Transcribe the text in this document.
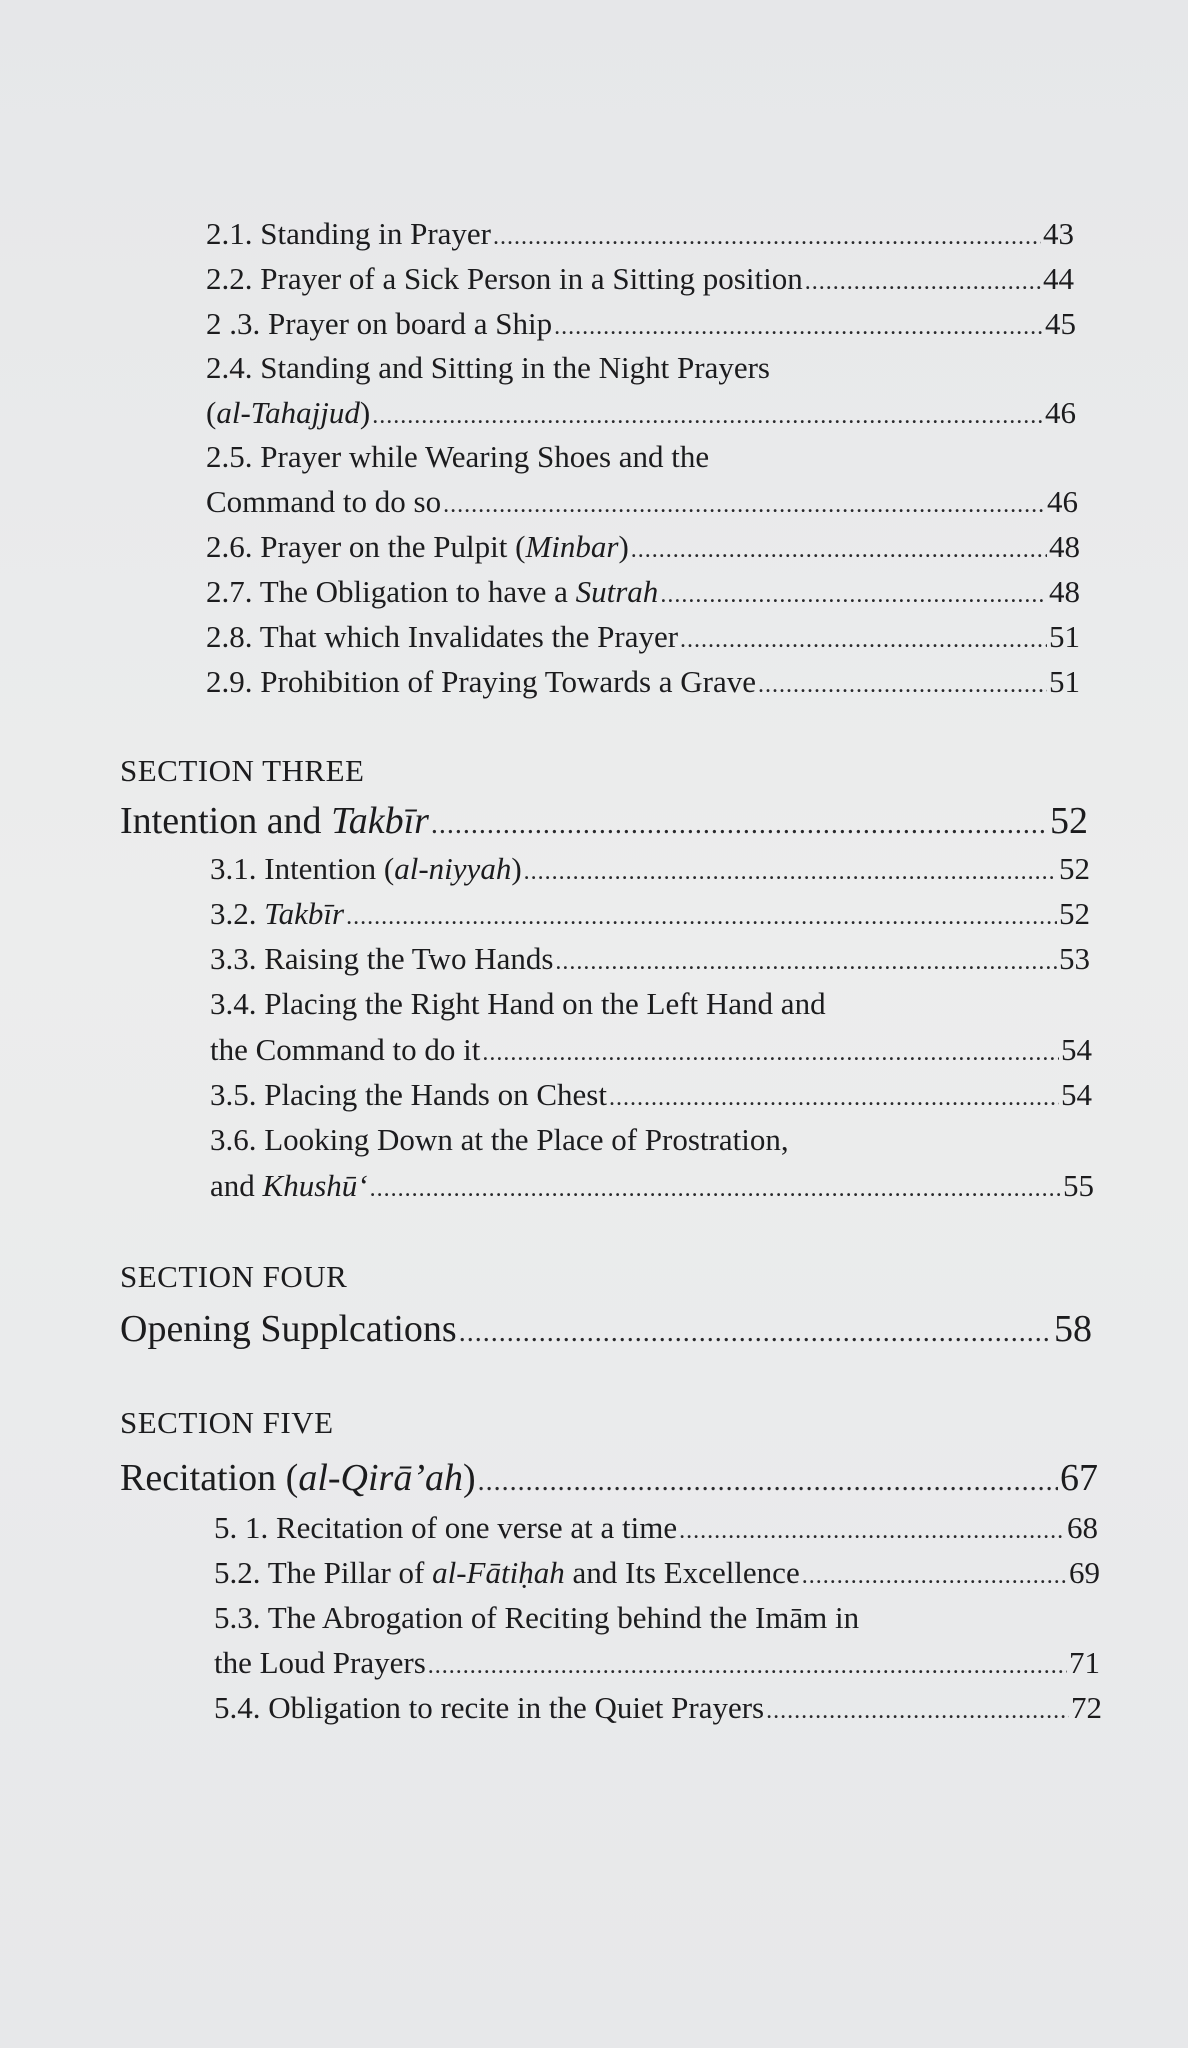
2.1. Standing in Prayer .....	43
2.2. Prayer of a Sick Person in a Sitting position .....	44
2 .3. Prayer on board a Ship .....	45
2.4. Standing and Sitting in the Night Prayers
(al-Tahajjud) .....	46
2.5. Prayer while Wearing Shoes and the
Command to do so .....	46
2.6. Prayer on the Pulpit (Minbar) .....	48
2.7. The Obligation to have a Sutrah .....	48
2.8. That which Invalidates the Prayer .....	51
2.9. Prohibition of Praying Towards a Grave .....	51
SECTION THREE
Intention and Takbīr .....	52
3.1. Intention (al-niyyah) .....	52
3.2. Takbīr .....	52
3.3. Raising the Two Hands .....	53
3.4. Placing the Right Hand on the Left Hand and
the Command to do it .....	54
3.5. Placing the Hands on Chest .....	54
3.6. Looking Down at the Place of Prostration,
and Khushū‘ .....	55
SECTION FOUR
Opening Supplcations .....	58
SECTION FIVE
Recitation (al-Qirā’ah) .....	67
5. 1. Recitation of one verse at a time .....	68
5.2. The Pillar of al-Fātiḥah and Its Excellence .....	69
5.3. The Abrogation of Reciting behind the Imām in
the Loud Prayers .....	71
5.4. Obligation to recite in the Quiet Prayers .....	72
